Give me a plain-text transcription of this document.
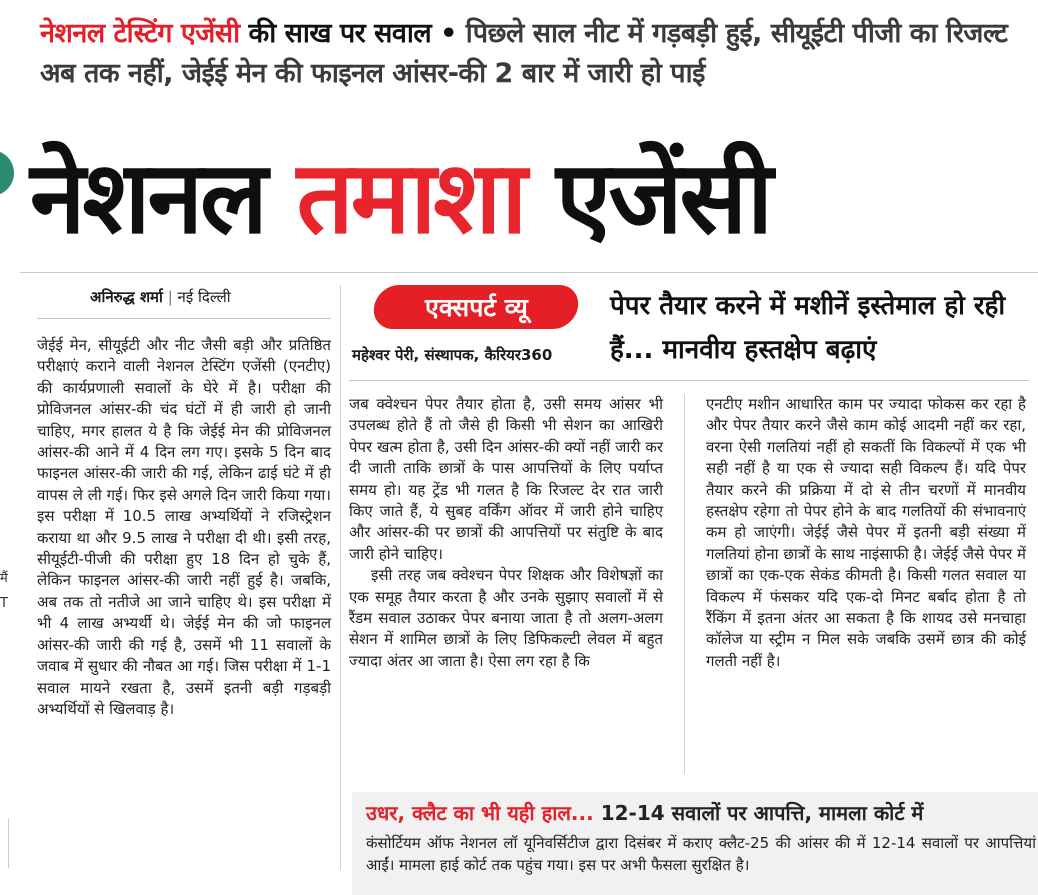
नेशनल टेस्टिंग एजेंसी की साख पर सवाल • पिछले साल नीट में गड़बड़ी हुई, सीयूईटी पीजी का रिजल्ट अब तक नहीं, जेईई मेन की फाइनल आंसर-की 2 बार में जारी हो पाई
नेशनल तमाशा एजेंसी
अनिरुद्ध शर्मा | नई दिल्ली	एक्सपर्ट व्यू
महेश्वर पेरी, संस्थापक, कैरियर360
पेपर तैयार करने में मशीनें इस्तेमाल हो रही हैं... मानवीय हस्तक्षेप बढ़ाएं

जेईई मेन, सीयूईटी और नीट जैसी बड़ी और प्रतिष्ठित परीक्षाएं कराने वाली नेशनल टेस्टिंग एजेंसी (एनटीए) की कार्यप्रणाली सवालों के घेरे में है। परीक्षा की प्रोविजनल आंसर-की चंद घंटों में ही जारी हो जानी चाहिए, मगर हालत ये है कि जेईई मेन की प्रोविजनल आंसर-की आने में 4 दिन लग गए। इसके 5 दिन बाद फाइनल आंसर-की जारी की गई, लेकिन ढाई घंटे में ही वापस ले ली गई। फिर इसे अगले दिन जारी किया गया। इस परीक्षा में 10.5 लाख अभ्यर्थियों ने रजिस्ट्रेशन कराया था और 9.5 लाख ने परीक्षा दी थी। इसी तरह, सीयूईटी-पीजी की परीक्षा हुए 18 दिन हो चुके हैं, लेकिन फाइनल आंसर-की जारी नहीं हुई है। जबकि, अब तक तो नतीजे आ जाने चाहिए थे। इस परीक्षा में भी 4 लाख अभ्यर्थी थे। जेईई मेन की जो फाइनल आंसर-की जारी की गई है, उसमें भी 11 सवालों के जवाब में सुधार की नौबत आ गई। जिस परीक्षा में 1-1 सवाल मायने रखता है, उसमें इतनी बड़ी गड़बड़ी अभ्यर्थियों से खिलवाड़ है।

जब क्वेश्चन पेपर तैयार होता है, उसी समय आंसर भी उपलब्ध होते हैं तो जैसे ही किसी भी सेशन का आखिरी पेपर खत्म होता है, उसी दिन आंसर-की क्यों नहीं जारी कर दी जाती ताकि छात्रों के पास आपत्तियों के लिए पर्याप्त समय हो। यह ट्रेंड भी गलत है कि रिजल्ट देर रात जारी किए जाते हैं, ये सुबह वर्किंग ऑवर में जारी होने चाहिए और आंसर-की पर छात्रों की आपत्तियों पर संतुष्टि के बाद जारी होने चाहिए।

इसी तरह जब क्वेश्चन पेपर शिक्षक और विशेषज्ञों का एक समूह तैयार करता है और उनके सुझाए सवालों में से रैंडम सवाल उठाकर पेपर बनाया जाता है तो अलग-अलग सेशन में शामिल छात्रों के लिए डिफिकल्टी लेवल में बहुत ज्यादा अंतर आ जाता है। ऐसा लग रहा है कि

एनटीए मशीन आधारित काम पर ज्यादा फोकस कर रहा है और पेपर तैयार करने जैसे काम कोई आदमी नहीं कर रहा, वरना ऐसी गलतियां नहीं हो सकतीं कि विकल्पों में एक भी सही नहीं है या एक से ज्यादा सही विकल्प हैं। यदि पेपर तैयार करने की प्रक्रिया में दो से तीन चरणों में मानवीय हस्तक्षेप रहेगा तो पेपर होने के बाद गलतियों की संभावनाएं कम हो जाएंगी। जेईई जैसे पेपर में इतनी बड़ी संख्या में गलतियां होना छात्रों के साथ नाइंसाफी है। जेईई जैसे पेपर में छात्रों का एक-एक सेकंड कीमती है। किसी गलत सवाल या विकल्प में फंसकर यदि एक-दो मिनट बर्बाद होता है तो रैंकिंग में इतना अंतर आ सकता है कि शायद उसे मनचाहा कॉलेज या स्ट्रीम न मिल सके जबकि उसमें छात्र की कोई गलती नहीं है।

मैं
T
उधर, क्लैट का भी यही हाल... 12-14 सवालों पर आपत्ति, मामला कोर्ट में
कंसोर्टियम ऑफ नेशनल लॉ यूनिवर्सिटीज द्वारा दिसंबर में कराए क्लैट-25 की आंसर की में 12-14 सवालों पर आपत्तियां आईं। मामला हाई कोर्ट तक पहुंच गया। इस पर अभी फैसला सुरक्षित है।
